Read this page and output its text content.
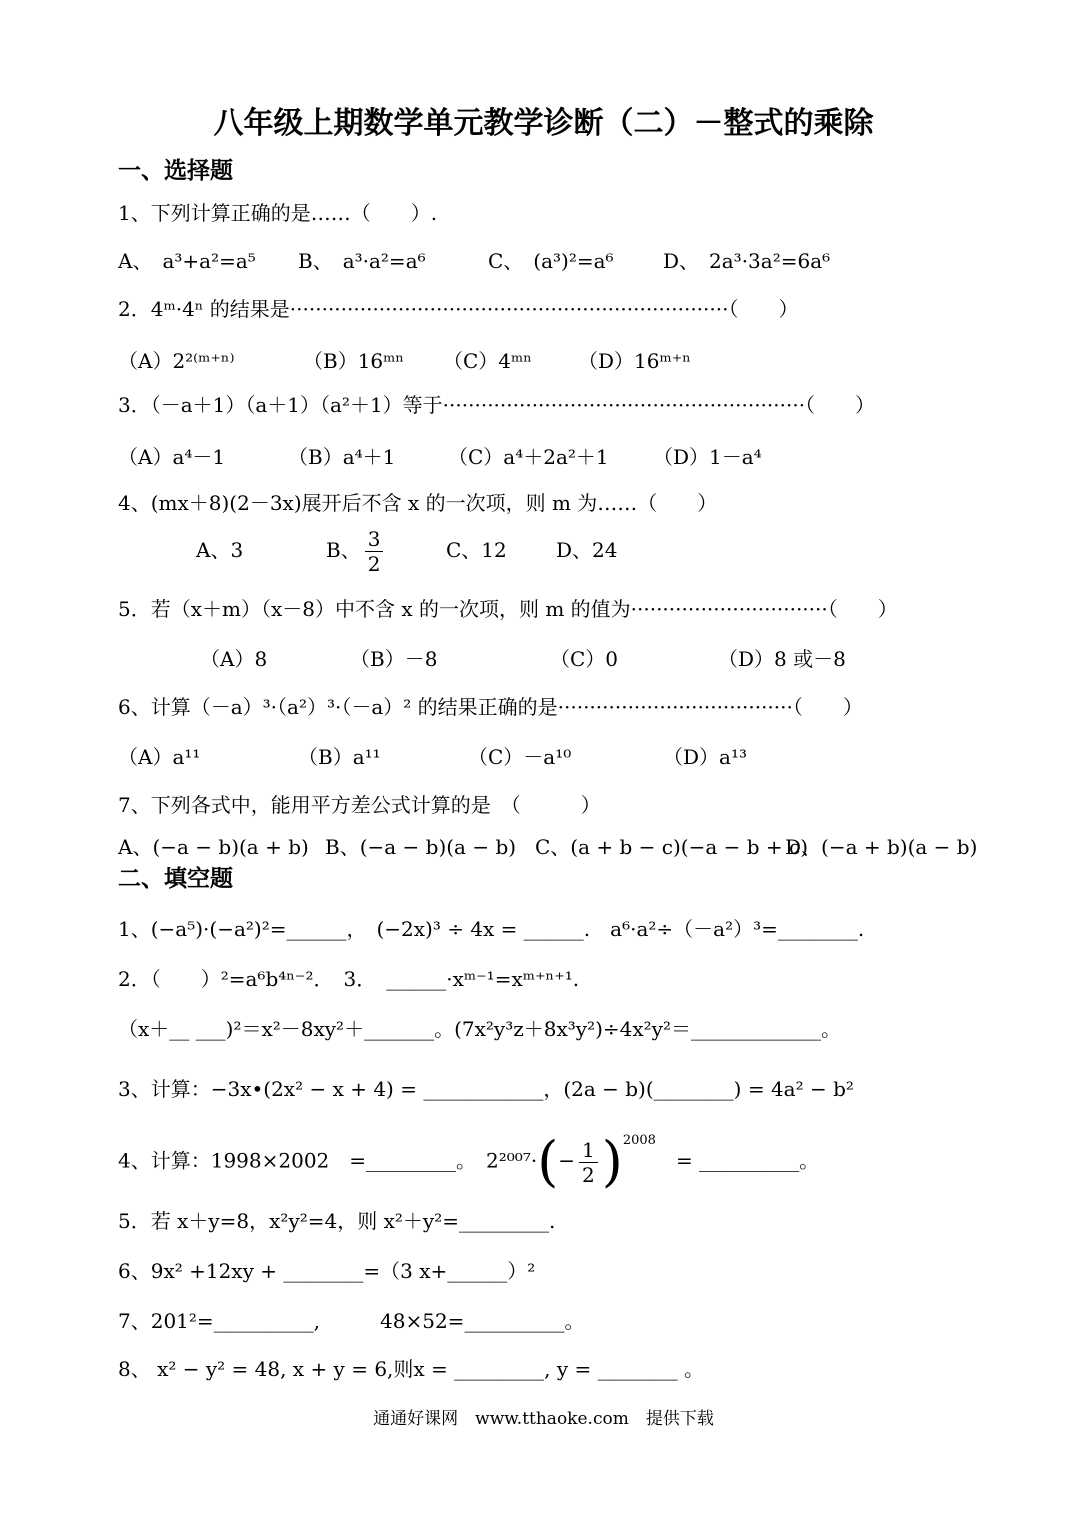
八年级上期数学单元教学诊断（二）－整式的乘除
一、选择题
1、下列计算正确的是……（　　）.
A、　a³+a²=a⁵ B、　a³·a²=a⁶	C、　(a³)²=a⁶ D、　2a³·3a²=6a⁶
2．4ᵐ·4ⁿ 的结果是·····································································（　　）
（A）2²⁽ᵐ⁺ⁿ⁾	（B）16ᵐⁿ （C）4ᵐⁿ （D）16ᵐ⁺ⁿ
3．（－a＋1）（a＋1）（a²＋1）等于·························································（　　）
（A）a⁴－1	（B）a⁴＋1	（C）a⁴＋2a²＋1 （D）1－a⁴
4、(mx＋8)(2－3x)展开后不含 x 的一次项，则 m 为……（　　）
A、3	B、 $\frac{3}{2}$	C、12 D、24
5．若（x＋m）（x－8）中不含 x 的一次项，则 m 的值为·······························（　　）
（A）8	（B）－8	（C）0	（D）8 或－8
6、计算（－a）³·（a²）³·（－a）² 的结果正确的是·····································（　　）
（A）a¹¹	（B）a¹¹	（C）－a¹⁰	（D）a¹³
7、下列各式中，能用平方差公式计算的是　（　　　）
A、(−a − b)(a + b) B、(−a − b)(a − b) C、(a + b − c)(−a − b + c)D、(−a + b)(a − b)
二、填空题
1、(−a⁵)·(−a²)²=______，　(−2x)³ ÷ 4x = ______.　a⁶·a²÷（－a²）³=________.
2．（　　）²=a⁶b⁴ⁿ⁻²．　3．　______·xᵐ⁻¹=xᵐ⁺ⁿ⁺¹.
（x＋__ ___)²＝x²－8xy²＋_______。(7x²y³z＋8x³y²)÷4x²y²＝_____________。
3、计算：−3x•(2x² − x + 4) = ____________，(2a − b)(________) = 4a² − b²
4、计算：1998×2002　=_________。　$2^{2007}\cdot(- \frac{1}{2} )^{2008}$　= __________。
5．若 x＋y=8，x²y²=4，则 x²＋y²=_________.
6、9x² +12xy + ________=（3 x+______）²
7、201²=__________,　　　48×52=__________。
8、 x² − y² = 48, x + y = 6,则x = _________, y = ________ 。
通通好课网　www.tthaoke.com　提供下载
